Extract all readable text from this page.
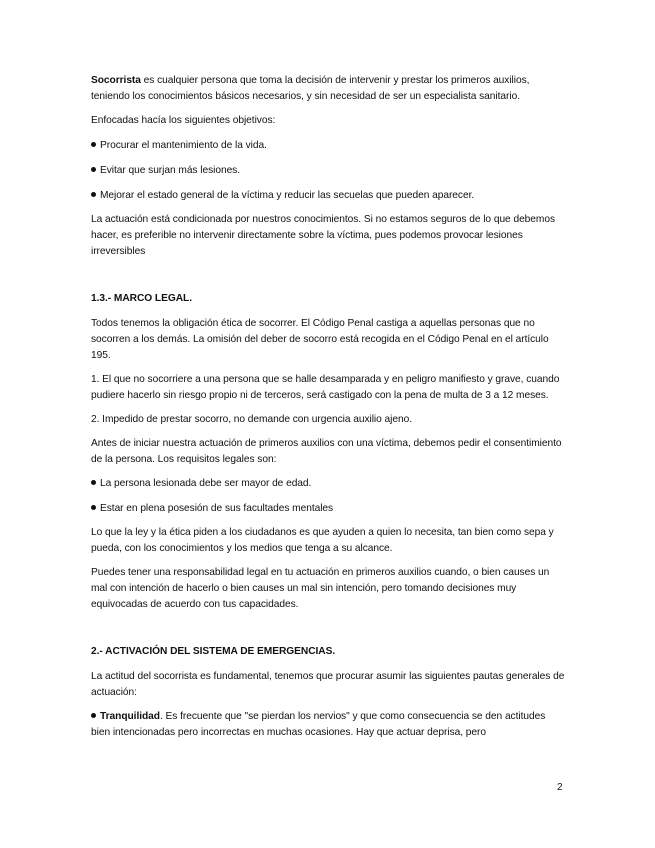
Socorrista es cualquier persona que toma la decisión de intervenir y prestar los primeros auxilios, teniendo los conocimientos básicos necesarios, y sin necesidad de ser un especialista sanitario.

Enfocadas hacía los siguientes objetivos:

Procurar el mantenimiento de la vida.

Evitar que surjan más lesiones.

Mejorar el estado general de la víctima y reducir las secuelas que pueden aparecer.

La actuación está condicionada por nuestros conocimientos. Si no estamos seguros de lo que debemos hacer, es preferible no intervenir directamente sobre la víctima, pues podemos provocar lesiones irreversibles

1.3.- MARCO LEGAL.

Todos tenemos la obligación ética de socorrer. El Código Penal castiga a aquellas personas que no socorren a los demás. La omisión del deber de socorro está recogida en el Código Penal en el artículo 195.

1. El que no socorriere a una persona que se halle desamparada y en peligro manifiesto y grave, cuando pudiere hacerlo sin riesgo propio ni de terceros, será castigado con la pena de multa de 3 a 12 meses.

2. Impedido de prestar socorro, no demande con urgencia auxilio ajeno.

Antes de iniciar nuestra actuación de primeros auxilios con una víctima, debemos pedir el consentimiento de la persona. Los requisitos legales son:

La persona lesionada debe ser mayor de edad.

Estar en plena posesión de sus facultades mentales

Lo que la ley y la ética piden a los ciudadanos es que ayuden a quien lo necesita, tan bien como sepa y pueda, con los conocimientos y los medios que tenga a su alcance.

Puedes tener una responsabilidad legal en tu actuación en primeros auxilios cuando, o bien causes un mal con intención de hacerlo o bien causes un mal sin intención, pero tomando decisiones muy equivocadas de acuerdo con tus capacidades.

2.- ACTIVACIÓN DEL SISTEMA DE EMERGENCIAS.

La actitud del socorrista es fundamental, tenemos que procurar asumir las siguientes pautas generales de actuación:

Tranquilidad. Es frecuente que "se pierdan los nervios" y que como consecuencia se den actitudes bien intencionadas pero incorrectas en muchas ocasiones. Hay que actuar deprisa, pero

2
